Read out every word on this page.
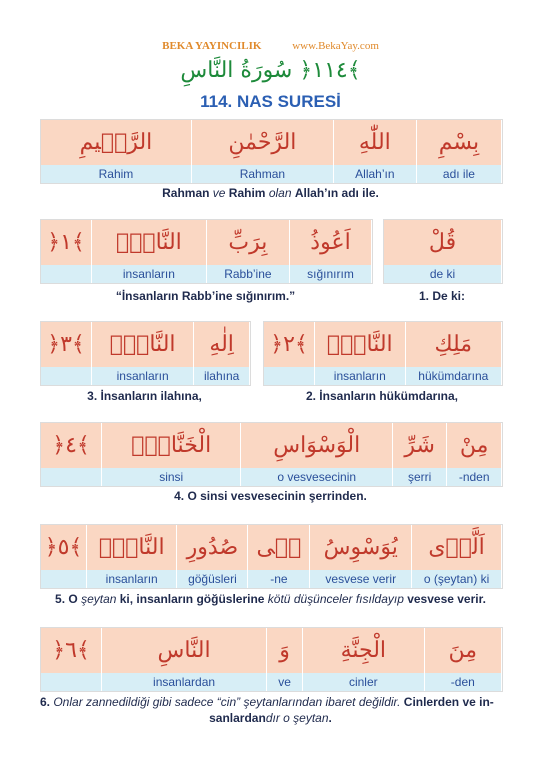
BEKA YAYINCILIK	www.BekaYay.com
﴾١١٤﴿ سُورَةُ النَّاسِ
114. NAS SURESİ
الرَّح۪يمِ	الرَّحْمٰنِ	اللّٰهِ	بِسْمِ
Rahim	Rahman	Allah’ın	adı ile
Rahman ve Rahim olan Allah’ın adı ile.
﴾١﴿	النَّاسِۙ	بِرَبِّ	اَعُوذُ
	insanların	Rabb’ine	sığınırım
قُلْ
de ki
“İnsanların Rabb’ine sığınırım.”	1. De ki:
﴾٣﴿	النَّاسِۙ	اِلٰهِ
	insanların	ilahına
﴾٢﴿	النَّاسِۙ	مَلِكِ
	insanların	hükümdarına
3. İnsanların ilahına,	2. İnsanların hükümdarına,
﴾٤﴿	الْخَنَّاسِۙ	الْوَسْوَاسِ	شَرِّ	مِنْ
	sinsi	o vesvesecinin	şerri	-nden
4. O sinsi vesvesecinin şerrinden.
﴾٥﴿	النَّاسِۙ	صُدُورِ	ف۪ى	يُوَسْوِسُ	اَلَّذ۪ى
	insanların	göğüsleri	-ne	vesvese verir	o (şeytan) ki
5. O şeytan ki, insanların göğüslerine kötü düşünceler fısıldayıp vesvese verir.
﴾٦﴿	النَّاسِ	وَ	الْجِنَّةِ	مِنَ
	insanlardan	ve	cinler	-den
6. Onlar zannedildiği gibi sadece “cin” şeytanlarından ibaret değildir. Cinlerden ve in-

sanlardandır o şeytan.
